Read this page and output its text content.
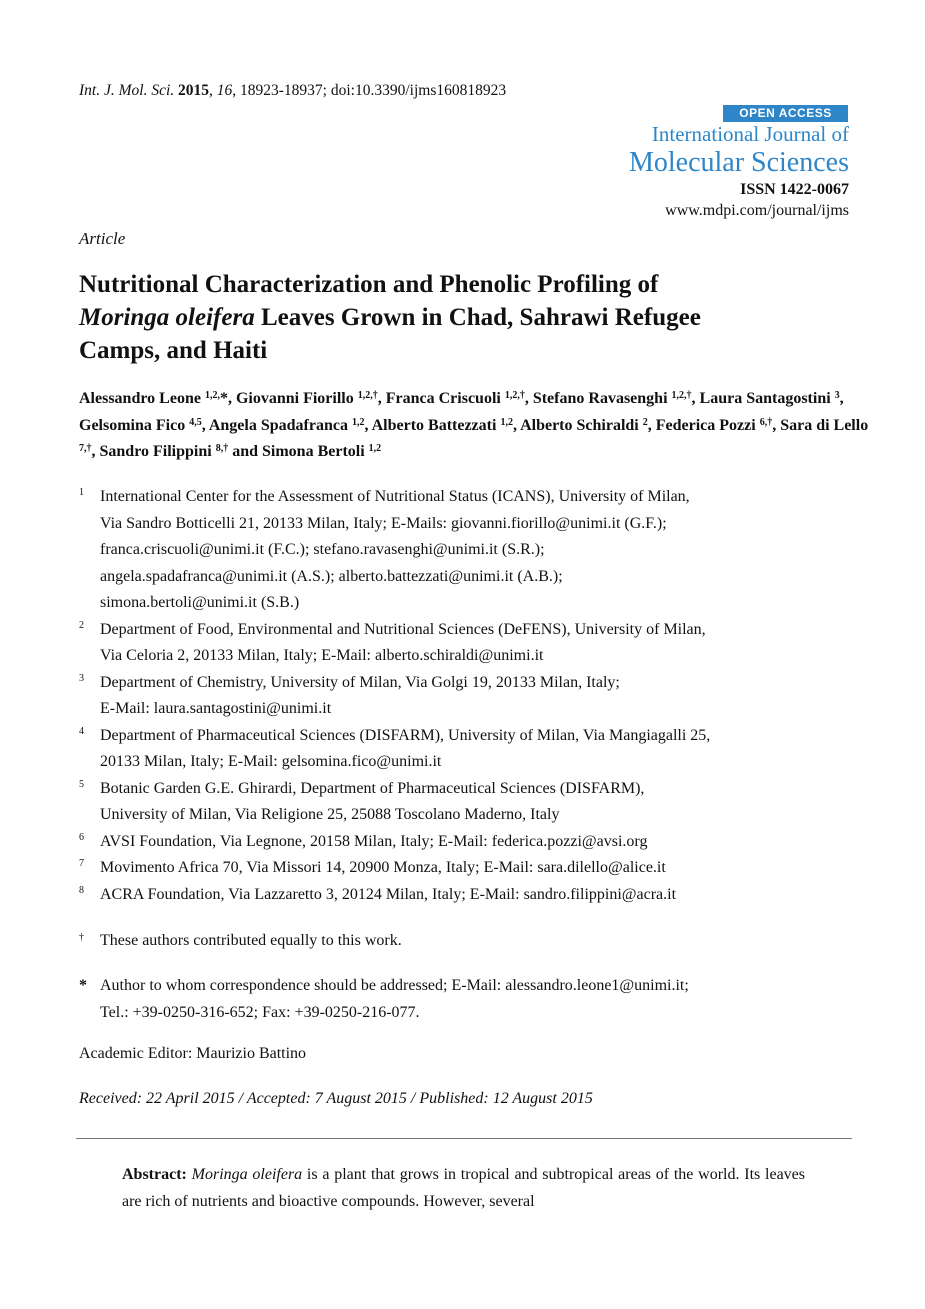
Int. J. Mol. Sci. 2015, 16, 18923-18937; doi:10.3390/ijms160818923
OPEN ACCESS
International Journal of
Molecular Sciences
ISSN 1422-0067
www.mdpi.com/journal/ijms
Article
Nutritional Characterization and Phenolic Profiling of
Moringa oleifera Leaves Grown in Chad, Sahrawi Refugee
Camps, and Haiti
Alessandro Leone $^{1,2,}$*, Giovanni Fiorillo $^{1,2,\dagger}$, Franca Criscuoli $^{1,2,\dagger}$, Stefano Ravasenghi $^{1,2,\dagger}$, Laura Santagostini $^3$, Gelsomina Fico $^{4,5}$, Angela Spadafranca $^{1,2}$, Alberto Battezzati $^{1,2}$, Alberto Schiraldi $^2$, Federica Pozzi $^{6,\dagger}$, Sara di Lello $^{7,\dagger}$, Sandro Filippini $^{8,\dagger}$ and Simona Bertoli $^{1,2}$
1 International Center for the Assessment of Nutritional Status (ICANS), University of Milan,
Via Sandro Botticelli 21, 20133 Milan, Italy; E-Mails: giovanni.fiorillo@unimi.it (G.F.);
franca.criscuoli@unimi.it (F.C.); stefano.ravasenghi@unimi.it (S.R.);
angela.spadafranca@unimi.it (A.S.); alberto.battezzati@unimi.it (A.B.);
simona.bertoli@unimi.it (S.B.)
2 Department of Food, Environmental and Nutritional Sciences (DeFENS), University of Milan,
Via Celoria 2, 20133 Milan, Italy; E-Mail: alberto.schiraldi@unimi.it
3 Department of Chemistry, University of Milan, Via Golgi 19, 20133 Milan, Italy;
E-Mail: laura.santagostini@unimi.it
4 Department of Pharmaceutical Sciences (DISFARM), University of Milan, Via Mangiagalli 25,
20133 Milan, Italy; E-Mail: gelsomina.fico@unimi.it
5 Botanic Garden G.E. Ghirardi, Department of Pharmaceutical Sciences (DISFARM),
University of Milan, Via Religione 25, 25088 Toscolano Maderno, Italy
6 AVSI Foundation, Via Legnone, 20158 Milan, Italy; E-Mail: federica.pozzi@avsi.org
7 Movimento Africa 70, Via Missori 14, 20900 Monza, Italy; E-Mail: sara.dilello@alice.it
8 ACRA Foundation, Via Lazzaretto 3, 20124 Milan, Italy; E-Mail: sandro.filippini@acra.it
† These authors contributed equally to this work.
* Author to whom correspondence should be addressed; E-Mail: alessandro.leone1@unimi.it;
Tel.: +39-0250-316-652; Fax: +39-0250-216-077.
Academic Editor: Maurizio Battino
Received: 22 April 2015 / Accepted: 7 August 2015 / Published: 12 August 2015
Abstract: Moringa oleifera is a plant that grows in tropical and subtropical areas of the world. Its leaves are rich of nutrients and bioactive compounds. However, several
